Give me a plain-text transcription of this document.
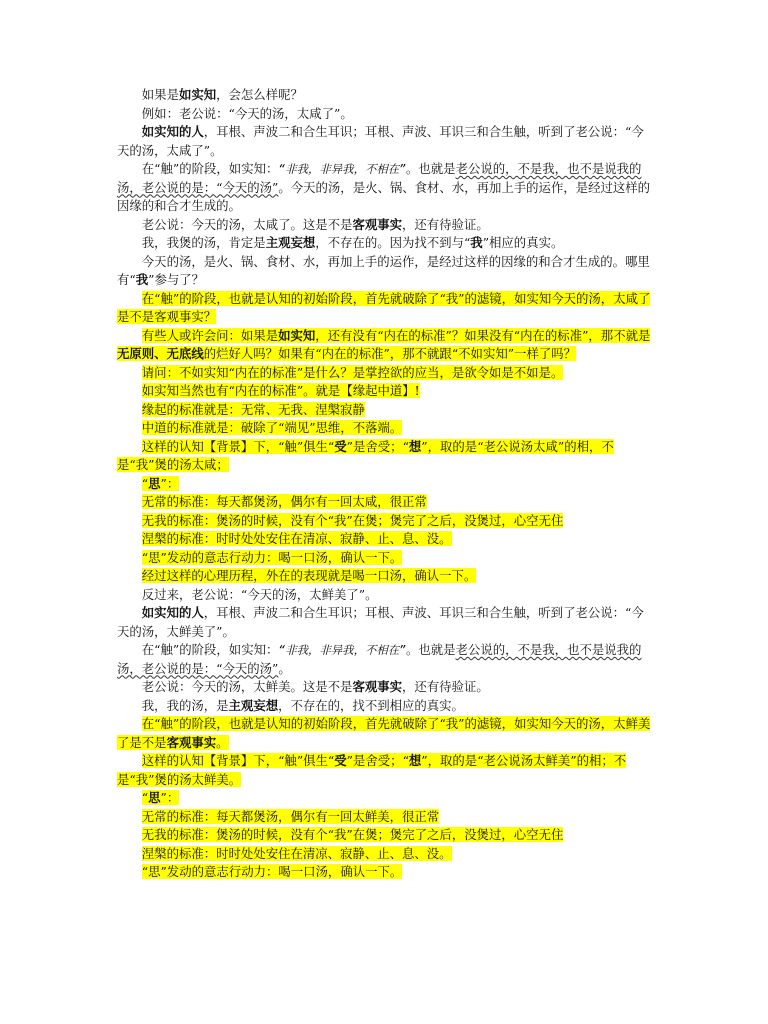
如果是如实知，会怎么样呢？

例如：老公说：“今天的汤，太咸了”。

如实知的人，耳根、声波二和合生耳识；耳根、声波、耳识三和合生触，听到了老公说：“今天的汤，太咸了”。

在“触”的阶段，如实知：“非我，非异我，不相在”。也就是老公说的，不是我，也不是说我的汤，老公说的是：“今天的汤”。今天的汤，是火、锅、食材、水，再加上手的运作，是经过这样的因缘的和合才生成的。

老公说：今天的汤，太咸了。这是不是客观事实，还有待验证。

我，我煲的汤，肯定是主观妄想，不存在的。因为找不到与“我”相应的真实。

今天的汤，是火、锅、食材、水，再加上手的运作，是经过这样的因缘的和合才生成的。哪里有“我”参与了？

在“触”的阶段，也就是认知的初始阶段，首先就破除了“我”的滤镜，如实知今天的汤，太咸了是不是客观事实？

有些人或许会问：如果是如实知，还有没有“内在的标准”？如果没有“内在的标准”，那不就是无原则、无底线的烂好人吗？如果有“内在的标准”，那不就跟“不如实知”一样了吗？

请问：不如实知“内在的标准”是什么？是掌控欲的应当，是欲令如是不如是。

如实知当然也有“内在的标准”。就是【缘起中道】!

缘起的标准就是：无常、无我、涅槃寂静

中道的标准就是：破除了“端见”思维，不落端。

这样的认知【背景】下，“触”俱生“受”是舍受；“想”，取的是“老公说汤太咸”的相，不是“我”煲的汤太咸；

“思”：

无常的标准：每天都煲汤，偶尔有一回太咸，很正常

无我的标准：煲汤的时候，没有个“我”在煲；煲完了之后，没煲过，心空无住

涅槃的标准：时时处处安住在清凉、寂静、止、息、没。

“思”发动的意志行动力：喝一口汤，确认一下。

经过这样的心理历程，外在的表现就是喝一口汤，确认一下。

反过来，老公说：“今天的汤，太鲜美了”。

如实知的人，耳根、声波二和合生耳识；耳根、声波、耳识三和合生触，听到了老公说：“今天的汤，太鲜美了”。

在“触”的阶段，如实知：“非我，非异我，不相在”。也就是老公说的，不是我，也不是说我的汤，老公说的是：“今天的汤”。

老公说：今天的汤，太鲜美。这是不是客观事实，还有待验证。

我，我的汤，是主观妄想，不存在的，找不到相应的真实。

在“触”的阶段，也就是认知的初始阶段，首先就破除了“我”的滤镜，如实知今天的汤，太鲜美了是不是客观事实。

这样的认知【背景】下，“触”俱生“受”是舍受；“想”，取的是“老公说汤太鲜美”的相；不是“我”煲的汤太鲜美。

“思”：

无常的标准：每天都煲汤，偶尔有一回太鲜美，很正常

无我的标准：煲汤的时候，没有个“我”在煲；煲完了之后，没煲过，心空无住

涅槃的标准：时时处处安住在清凉、寂静、止、息、没。

“思”发动的意志行动力：喝一口汤，确认一下。
